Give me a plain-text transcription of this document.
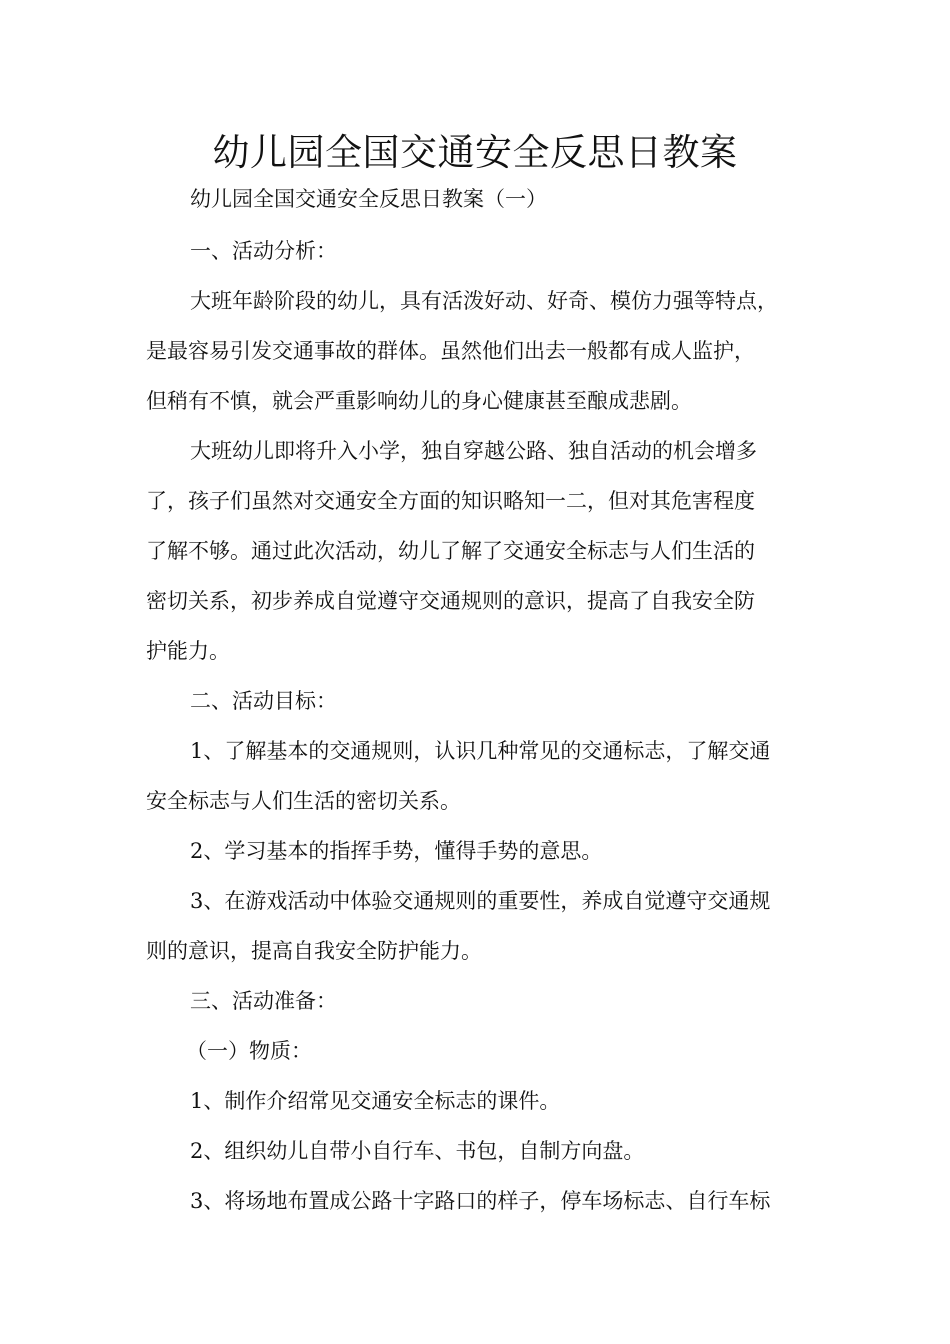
幼儿园全国交通安全反思日教案

幼儿园全国交通安全反思日教案（一）

一、活动分析：

大班年龄阶段的幼儿，具有活泼好动、好奇、模仿力强等特点，

是最容易引发交通事故的群体。虽然他们出去一般都有成人监护，

但稍有不慎，就会严重影响幼儿的身心健康甚至酿成悲剧。

大班幼儿即将升入小学，独自穿越公路、独自活动的机会增多

了，孩子们虽然对交通安全方面的知识略知一二，但对其危害程度

了解不够。通过此次活动，幼儿了解了交通安全标志与人们生活的

密切关系，初步养成自觉遵守交通规则的意识，提高了自我安全防

护能力。

二、活动目标：

1、了解基本的交通规则，认识几种常见的交通标志，了解交通

安全标志与人们生活的密切关系。

2、学习基本的指挥手势，懂得手势的意思。

3、在游戏活动中体验交通规则的重要性，养成自觉遵守交通规

则的意识，提高自我安全防护能力。

三、活动准备：

（一）物质：

1、制作介绍常见交通安全标志的课件。

2、组织幼儿自带小自行车、书包，自制方向盘。

3、将场地布置成公路十字路口的样子，停车场标志、自行车标
